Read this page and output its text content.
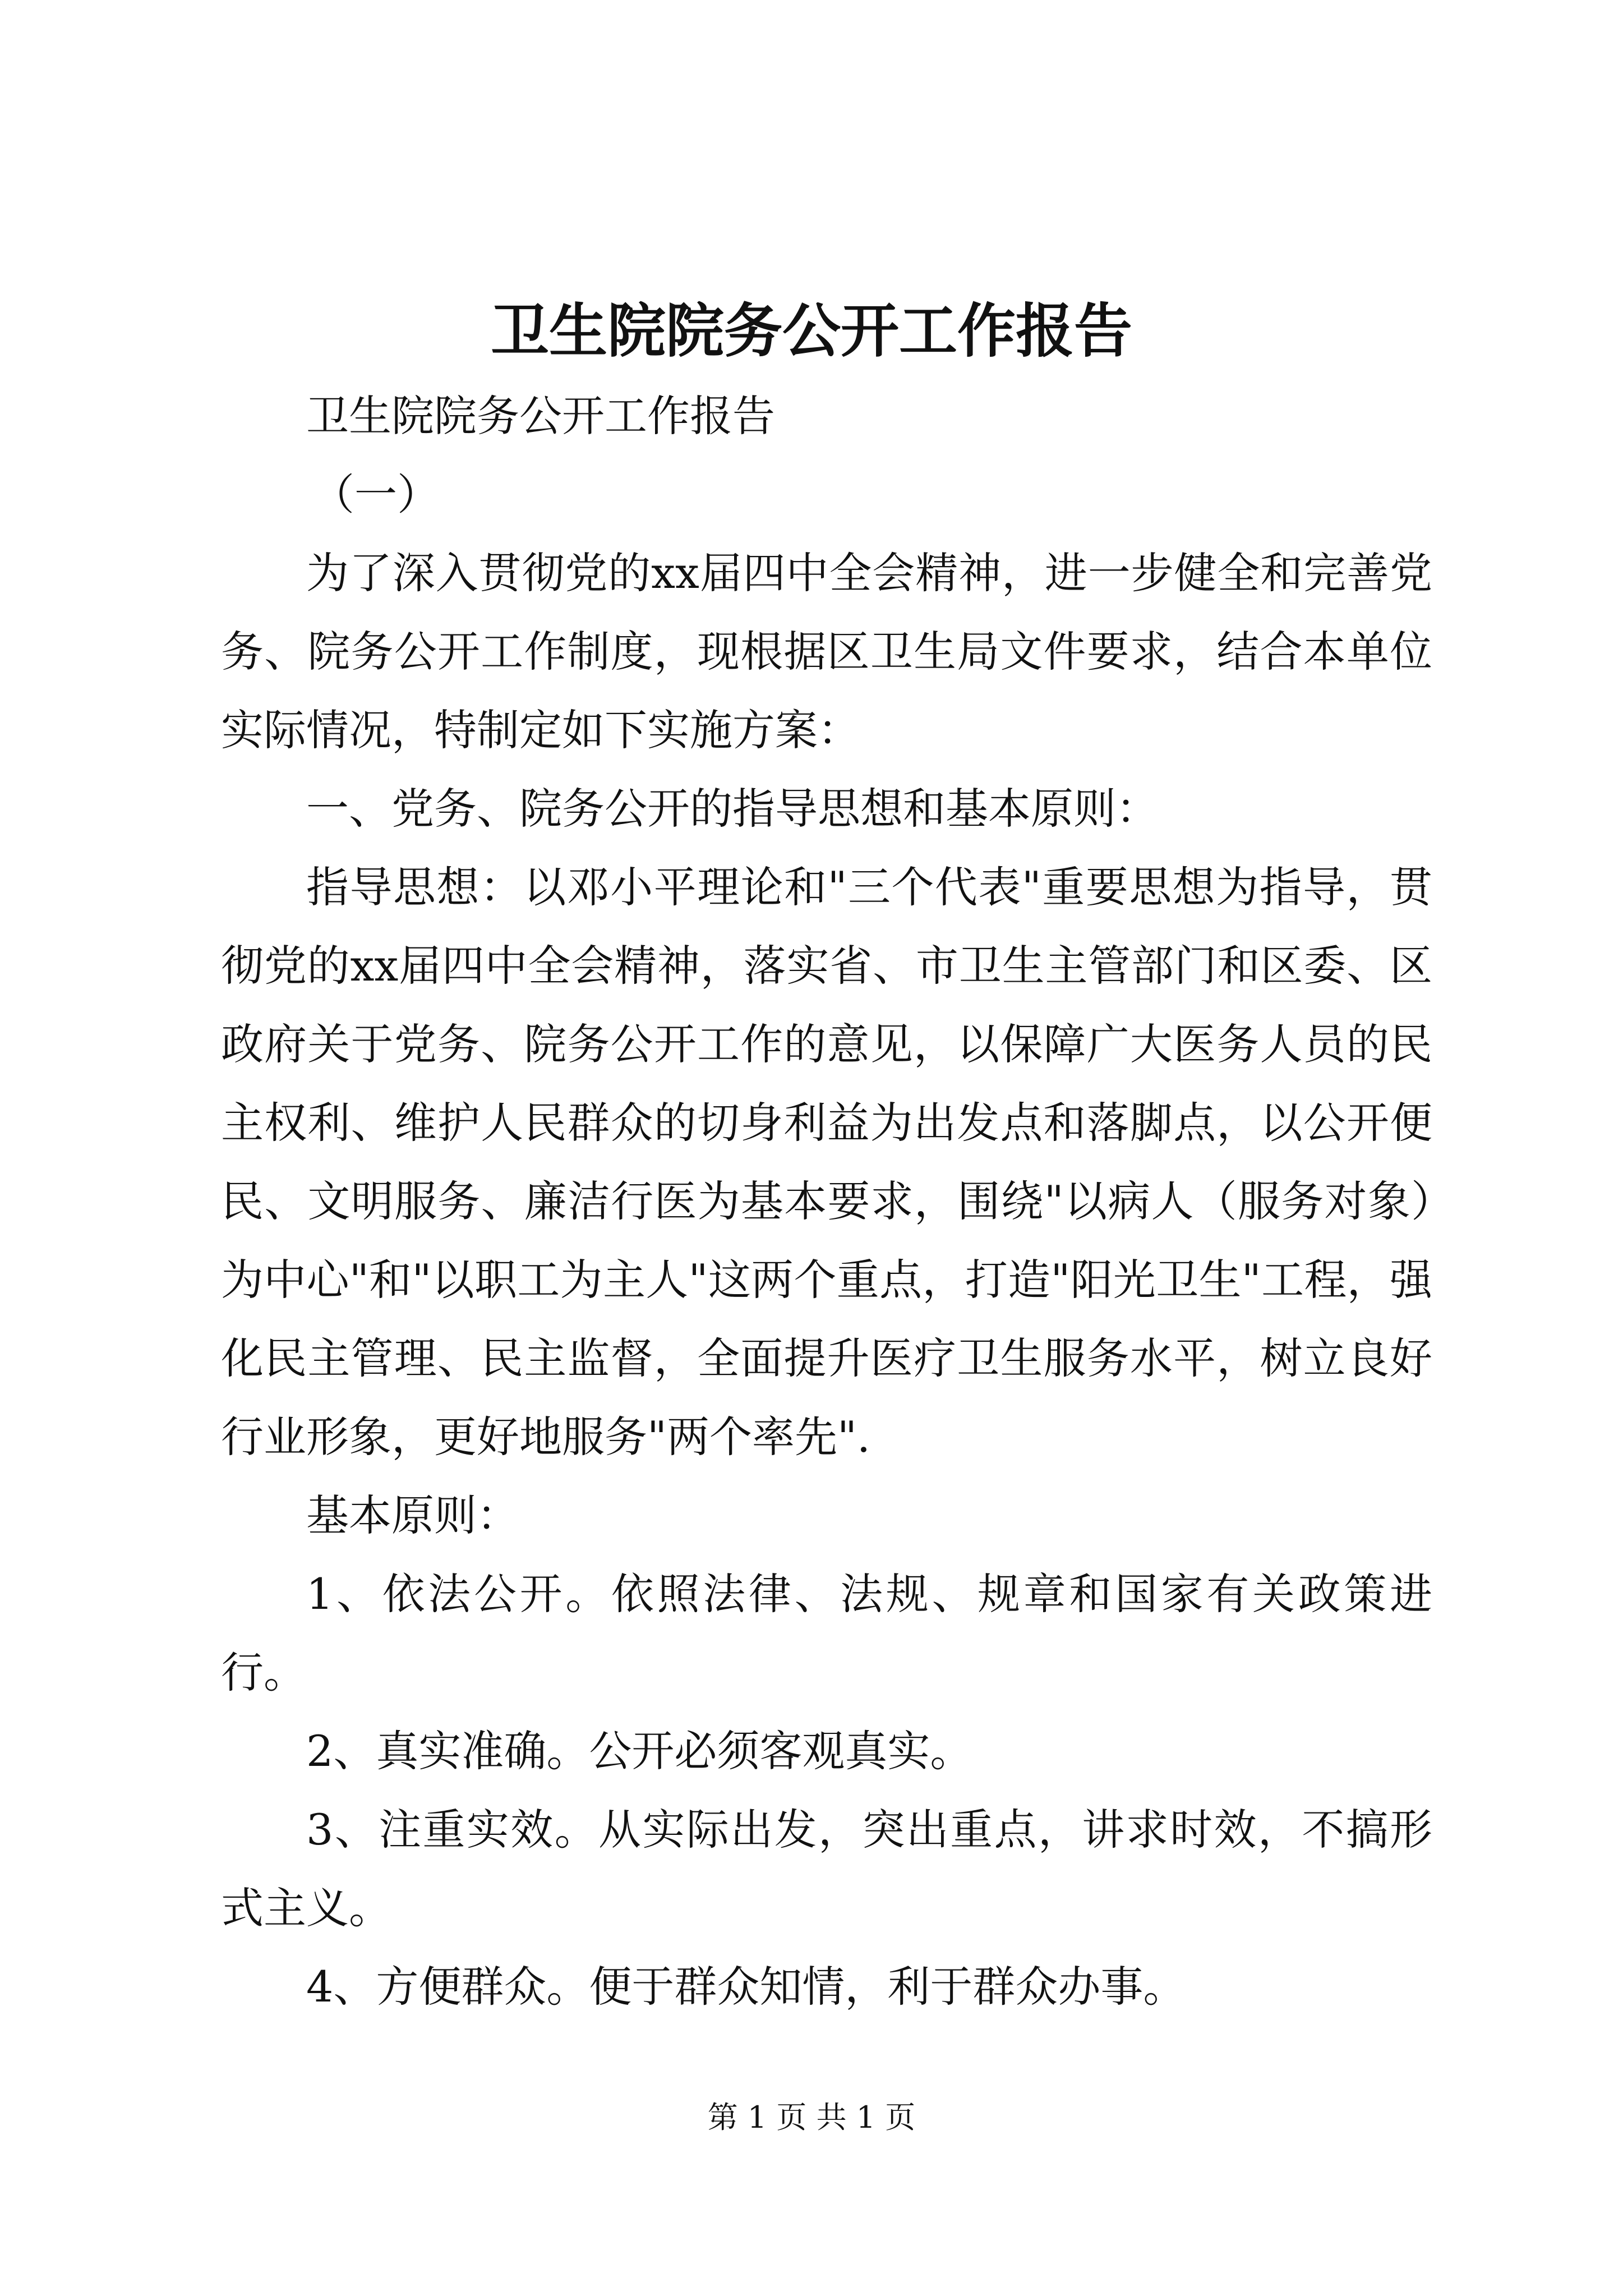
卫生院院务公开工作报告

卫生院院务公开工作报告

（一）

为了深入贯彻党的xx届四中全会精神，进一步健全和完善党务、院务公开工作制度，现根据区卫生局文件要求，结合本单位实际情况，特制定如下实施方案：

一、党务、院务公开的指导思想和基本原则：

指导思想：以邓小平理论和"三个代表"重要思想为指导，贯彻党的xx届四中全会精神，落实省、市卫生主管部门和区委、区政府关于党务、院务公开工作的意见，以保障广大医务人员的民主权利、维护人民群众的切身利益为出发点和落脚点，以公开便民、文明服务、廉洁行医为基本要求，围绕"以病人（服务对象）为中心"和"以职工为主人"这两个重点，打造"阳光卫生"工程，强化民主管理、民主监督，全面提升医疗卫生服务水平，树立良好行业形象，更好地服务"两个率先".

基本原则：

1、依法公开。依照法律、法规、规章和国家有关政策进行。

2、真实准确。公开必须客观真实。

3、注重实效。从实际出发，突出重点，讲求时效，不搞形式主义。

4、方便群众。便于群众知情，利于群众办事。

第 1 页 共 1 页
